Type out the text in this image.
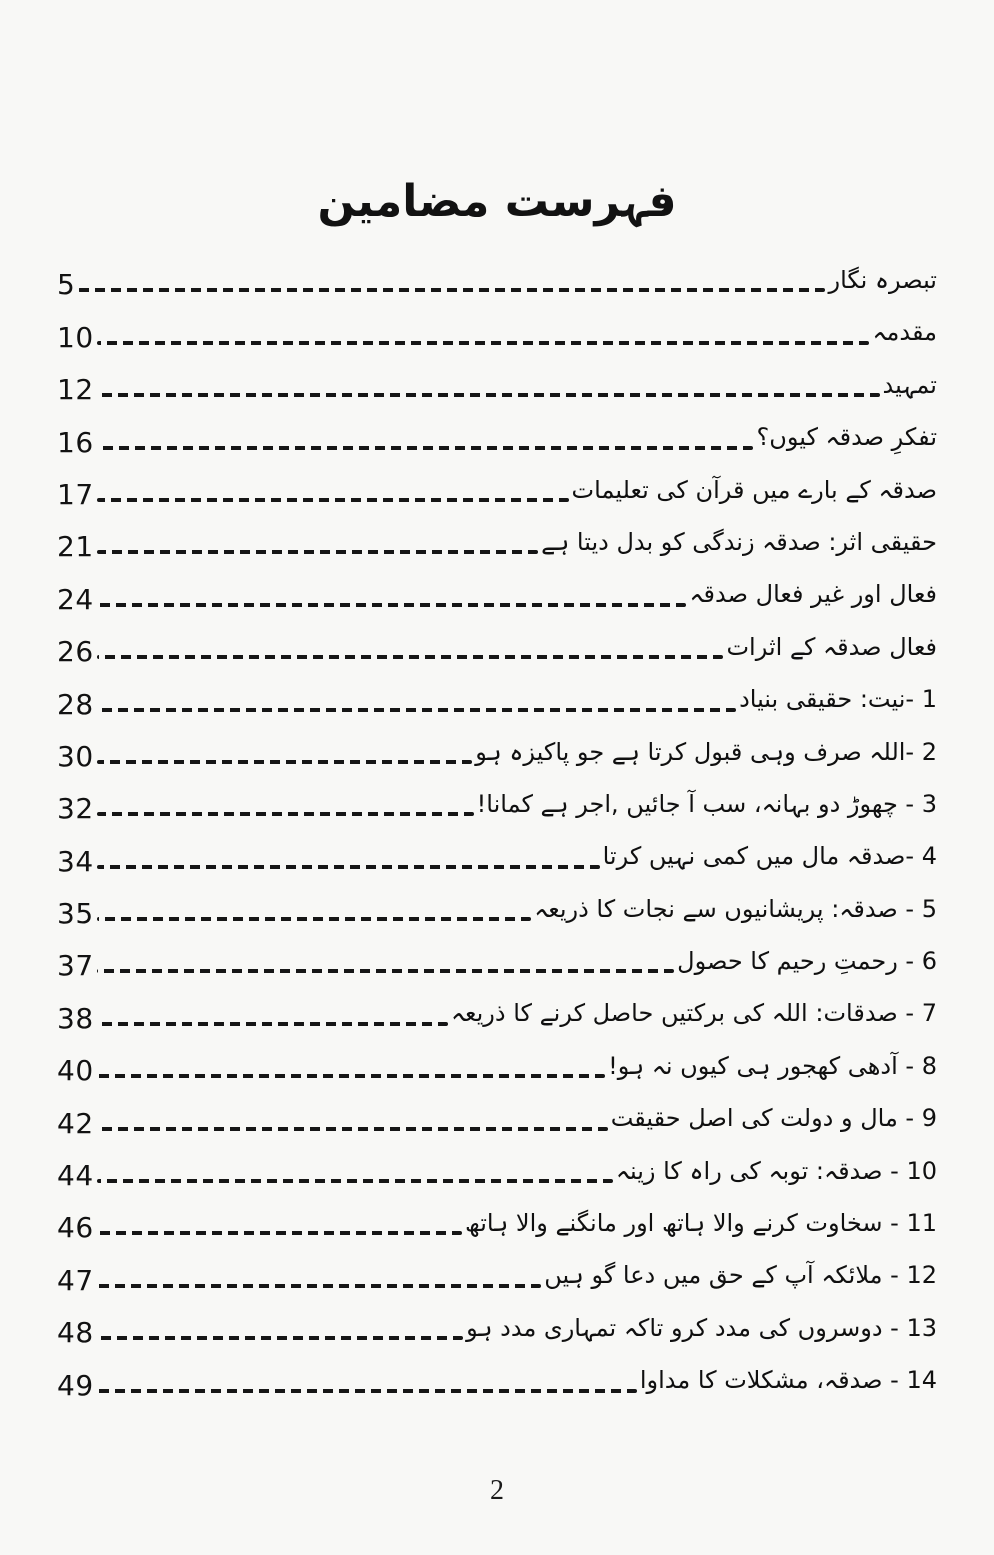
فہرست مضامین
تبصرہ نگار
5
مقدمہ
10
تمہید
12
تفکرِ صدقہ کیوں؟
16
صدقہ کے بارے میں قرآن کی تعلیمات
17
حقیقی اثر: صدقہ زندگی کو بدل دیتا ہے
21
فعال اور غیر فعال صدقہ
24
فعال صدقہ کے اثرات
26
1 -نیت: حقیقی بنیاد
28
2 -اللہ صرف وہی قبول کرتا ہے جو پاکیزہ ہو
30
3 - چھوڑ دو بہانہ، سب آ جائیں ,اجر ہے کمانا!
32
4 -صدقہ مال میں کمی نہیں کرتا
34
5 - صدقہ: پریشانیوں سے نجات کا ذریعہ
35
6 - رحمتِ رحیم کا حصول
37
7 - صدقات: اللہ کی برکتیں حاصل کرنے کا ذریعہ
38
8 - آدھی کھجور ہی کیوں نہ ہو!
40
9 - مال و دولت کی اصل حقیقت
42
10 - صدقہ: توبہ کی راہ کا زینہ
44
11 - سخاوت کرنے والا ہاتھ اور مانگنے والا ہاتھ
46
12 - ملائکہ آپ کے حق میں دعا گو ہیں
47
13 - دوسروں کی مدد کرو تاکہ تمہاری مدد ہو
48
14 - صدقہ، مشکلات کا مداوا
49
2
